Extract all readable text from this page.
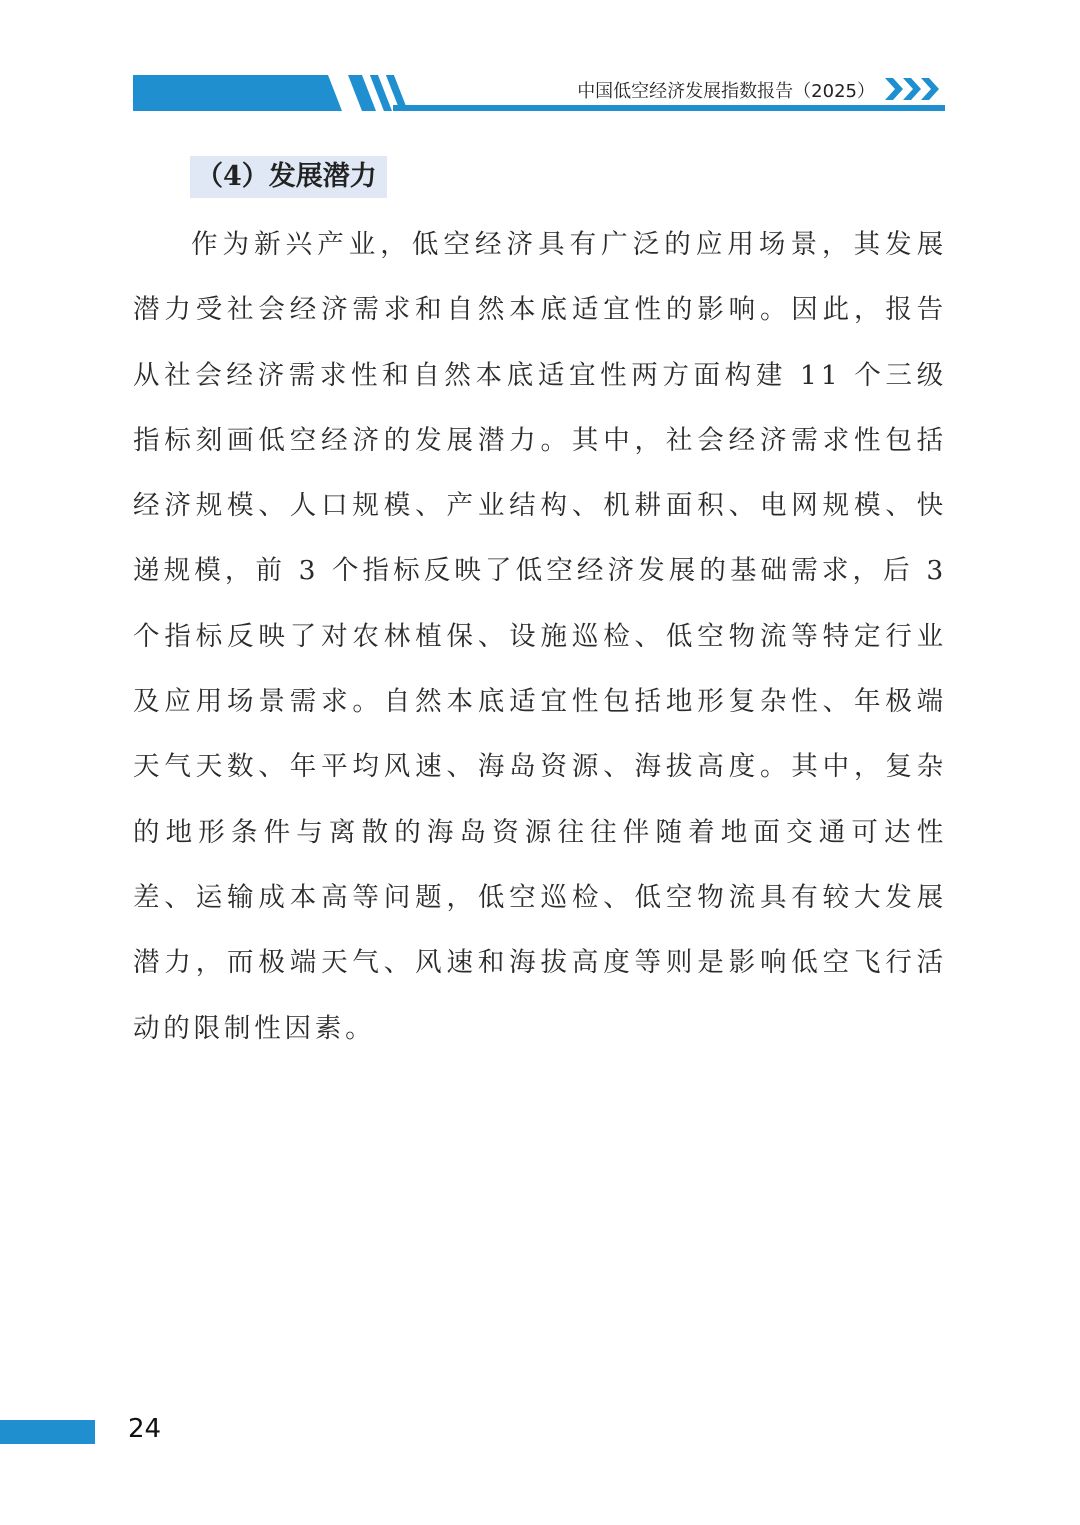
中国低空经济发展指数报告（2025）
（4）发展潜力

作为新兴产业，低空经济具有广泛的应用场景，其发展潜力受社会经济需求和自然本底适宜性的影响。因此，报告从社会经济需求性和自然本底适宜性两方面构建 11 个三级指标刻画低空经济的发展潜力。其中，社会经济需求性包括经济规模、人口规模、产业结构、机耕面积、电网规模、快递规模，前 3 个指标反映了低空经济发展的基础需求，后 3 个指标反映了对农林植保、设施巡检、低空物流等特定行业及应用场景需求。自然本底适宜性包括地形复杂性、年极端天气天数、年平均风速、海岛资源、海拔高度。其中，复杂的地形条件与离散的海岛资源往往伴随着地面交通可达性差、运输成本高等问题，低空巡检、低空物流具有较大发展潜力，而极端天气、风速和海拔高度等则是影响低空飞行活动的限制性因素。

24
